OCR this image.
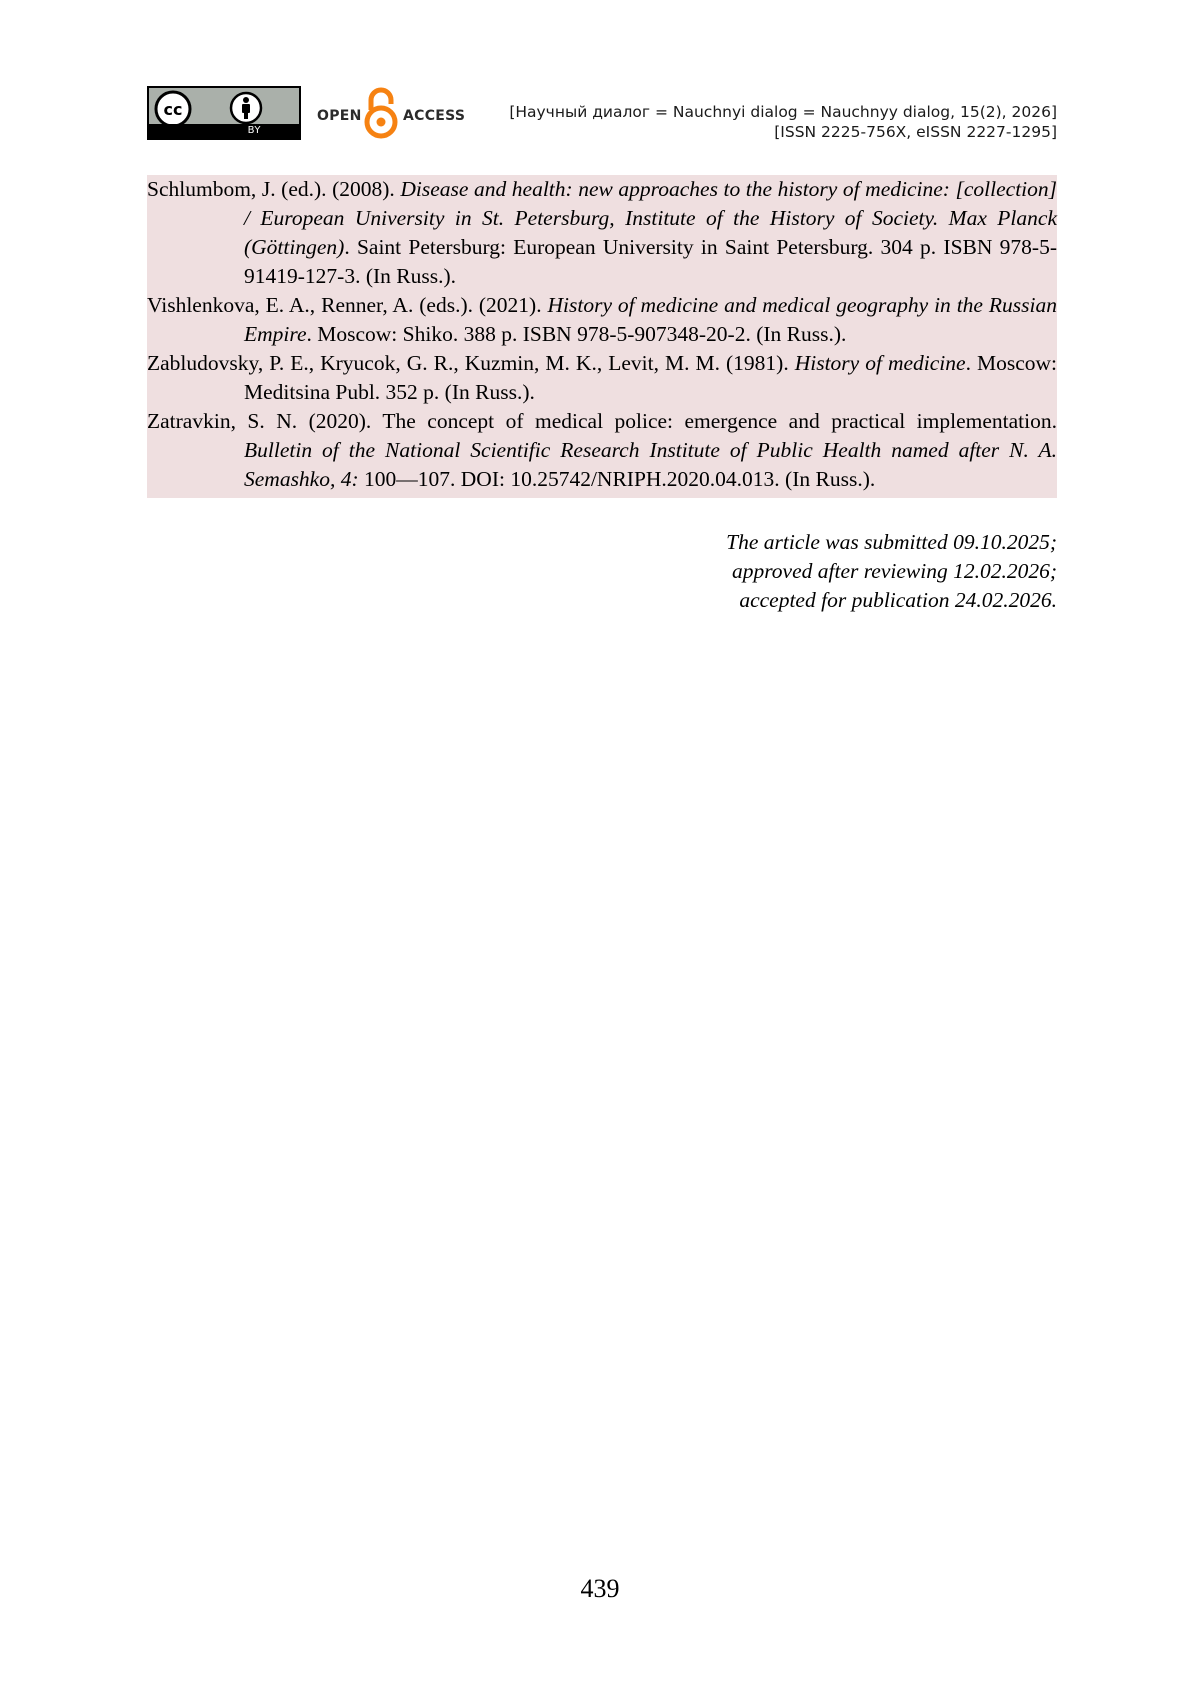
cc
BY
OPEN	ACCESS	[Научный диалог = Nauchnyi dialog = Nauchnyy dialog, 15(2), 2026]
[ISSN 2225-756X, eISSN 2227-1295]
Schlumbom, J. (ed.). (2008). Disease and health: new approaches to the history of medicine: [collection] / European University in St. Petersburg, Institute of the History of Society. Max Planck (Göttingen). Saint Petersburg: European University in Saint Petersburg. 304 p. ISBN 978-5-91419-127-3. (In Russ.).
Vishlenkova, E. A., Renner, A. (eds.). (2021). History of medicine and medical geography in the Russian Empire. Moscow: Shiko. 388 p. ISBN 978-5-907348-20-2. (In Russ.).
Zabludovsky, P. E., Kryucok, G. R., Kuzmin, M. K., Levit, M. M. (1981). History of medicine. Moscow: Meditsina Publ. 352 p. (In Russ.).
Zatravkin, S. N. (2020). The concept of medical police: emergence and practical implementation. Bulletin of the National Scientific Research Institute of Public Health named after N. A. Semashko, 4: 100—107. DOI: 10.25742/NRIPH.2020.04.013. (In Russ.).
The article was submitted 09.10.2025;
approved after reviewing 12.02.2026;
accepted for publication 24.02.2026.
439
